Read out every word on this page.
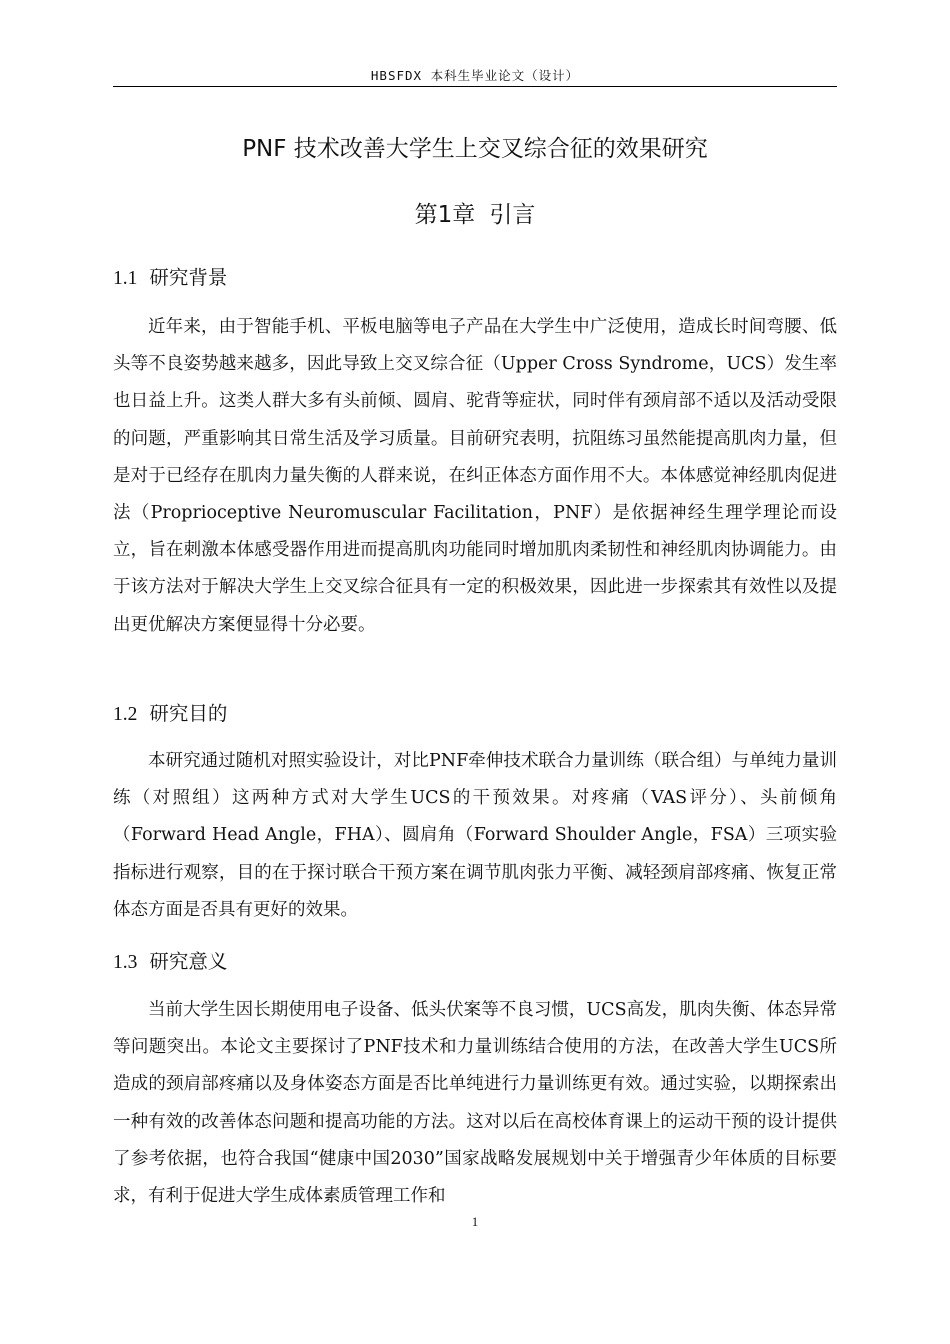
HBSFDX 本科生毕业论文（设计）
PNF 技术改善大学生上交叉综合征的效果研究
第1章 引言
1.1 研究背景
近年来，由于智能手机、平板电脑等电子产品在大学生中广泛使用，造成长时间弯腰、低头等不良姿势越来越多，因此导致上交叉综合征（Upper Cross Syndrome，UCS）发生率也日益上升。这类人群大多有头前倾、圆肩、驼背等症状，同时伴有颈肩部不适以及活动受限的问题，严重影响其日常生活及学习质量。目前研究表明，抗阻练习虽然能提高肌肉力量，但是对于已经存在肌肉力量失衡的人群来说，在纠正体态方面作用不大。本体感觉神经肌肉促进法（Proprioceptive Neuromuscular Facilitation，PNF）是依据神经生理学理论而设立，旨在刺激本体感受器作用进而提高肌肉功能同时增加肌肉柔韧性和神经肌肉协调能力。由于该方法对于解决大学生上交叉综合征具有一定的积极效果，因此进一步探索其有效性以及提出更优解决方案便显得十分必要。
1.2 研究目的
本研究通过随机对照实验设计，对比PNF牵伸技术联合力量训练（联合组）与单纯力量训练（对照组）这两种方式对大学生UCS的干预效果。对疼痛（VAS评分）、头前倾角（Forward Head Angle，FHA）、圆肩角（Forward Shoulder Angle，FSA）三项实验指标进行观察，目的在于探讨联合干预方案在调节肌肉张力平衡、减轻颈肩部疼痛、恢复正常体态方面是否具有更好的效果。
1.3 研究意义
当前大学生因长期使用电子设备、低头伏案等不良习惯，UCS高发，肌肉失衡、体态异常等问题突出。本论文主要探讨了PNF技术和力量训练结合使用的方法，在改善大学生UCS所造成的颈肩部疼痛以及身体姿态方面是否比单纯进行力量训练更有效。通过实验，以期探索出一种有效的改善体态问题和提高功能的方法。这对以后在高校体育课上的运动干预的设计提供了参考依据，也符合我国“健康中国2030”国家战略发展规划中关于增强青少年体质的目标要求，有利于促进大学生成体素质管理工作和
1
